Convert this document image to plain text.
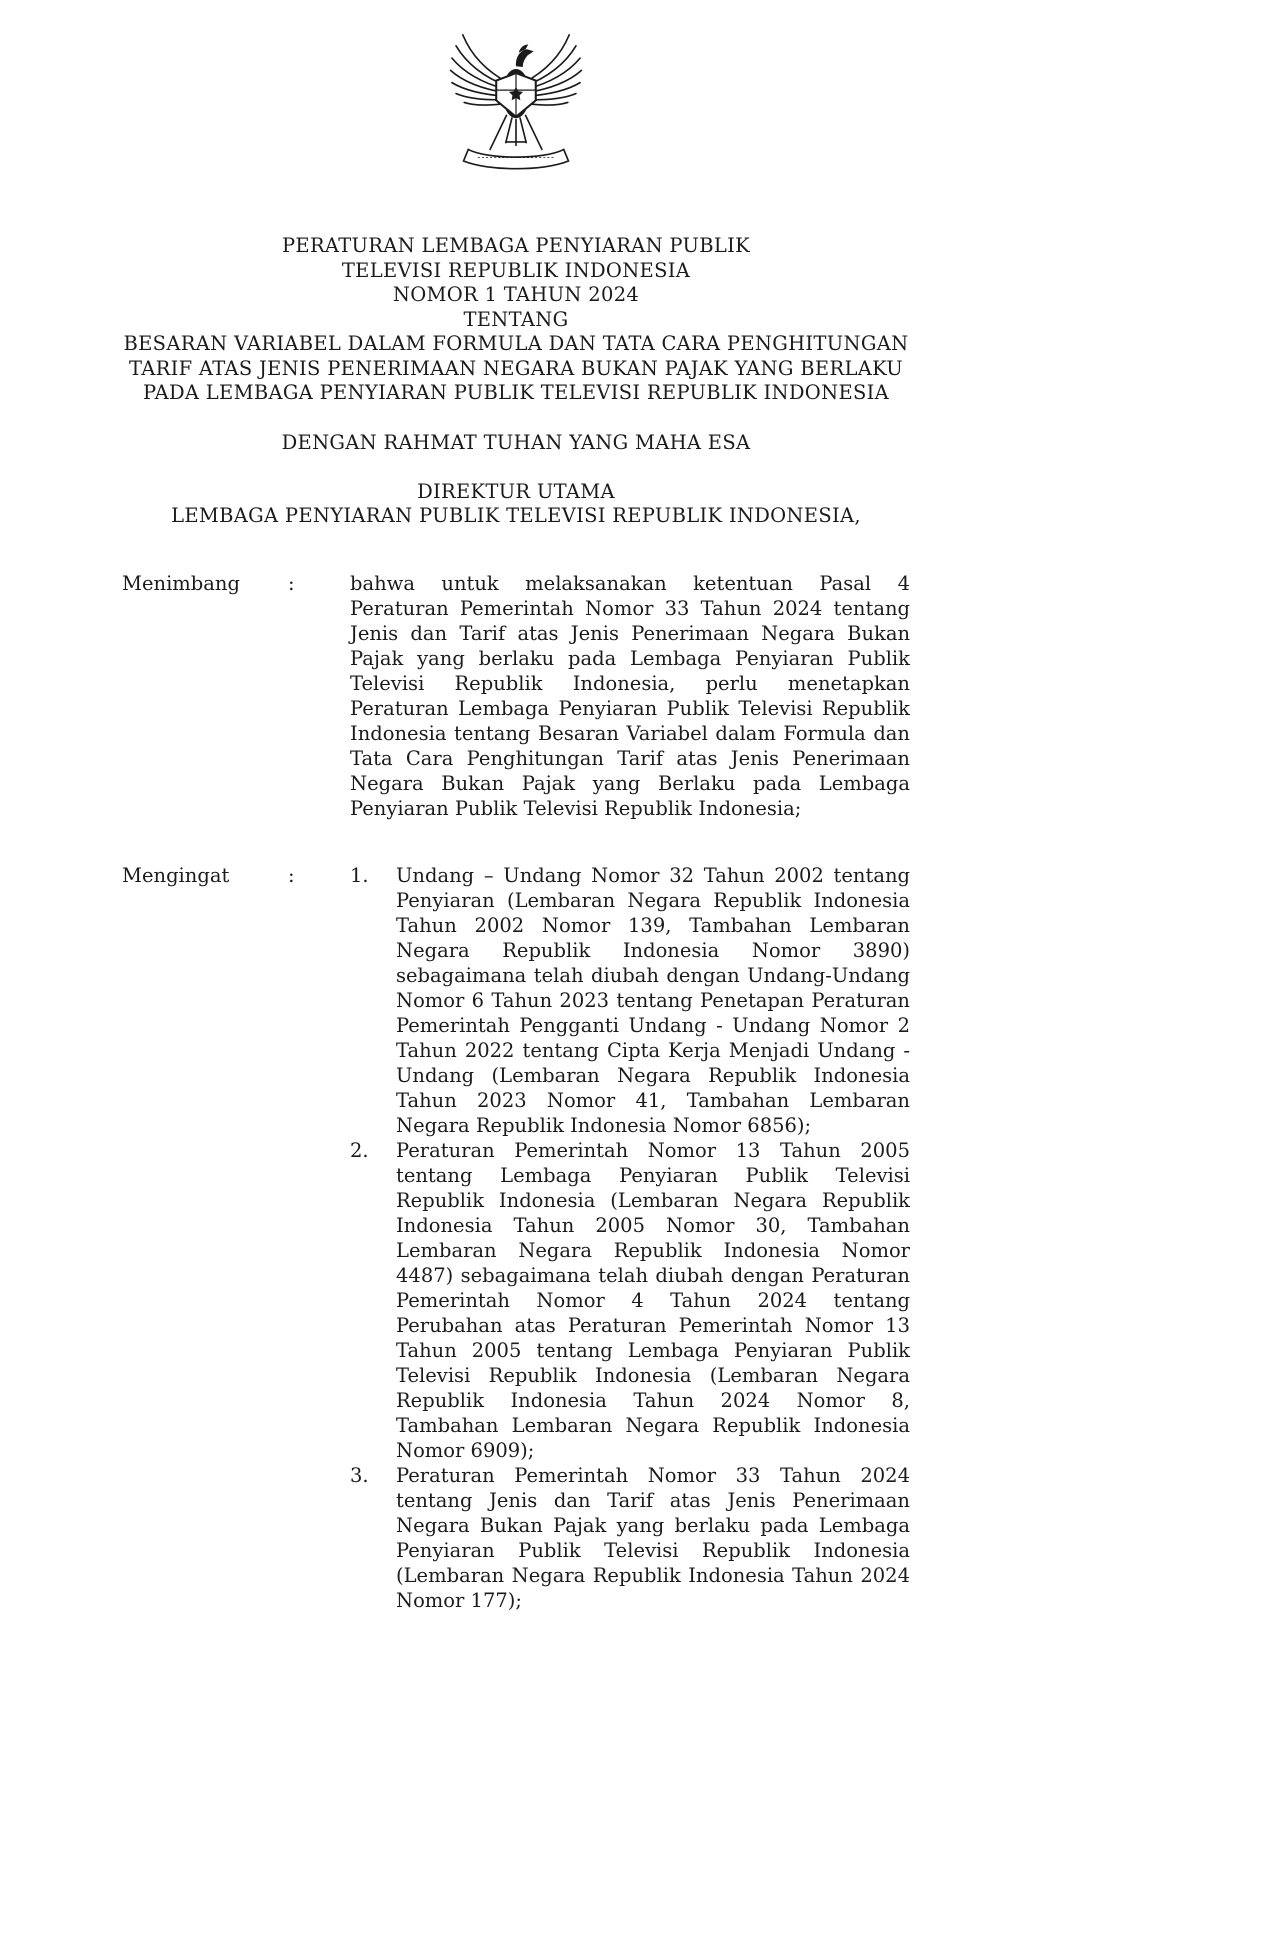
PERATURAN LEMBAGA PENYIARAN PUBLIK
TELEVISI REPUBLIK INDONESIA
NOMOR 1 TAHUN 2024
TENTANG
BESARAN VARIABEL DALAM FORMULA DAN TATA CARA PENGHITUNGAN
TARIF ATAS JENIS PENERIMAAN NEGARA BUKAN PAJAK YANG BERLAKU
PADA LEMBAGA PENYIARAN PUBLIK TELEVISI REPUBLIK INDONESIA
DENGAN RAHMAT TUHAN YANG MAHA ESA
DIREKTUR UTAMA
LEMBAGA PENYIARAN PUBLIK TELEVISI REPUBLIK INDONESIA,
Menimbang	:	bahwa untuk melaksanakan ketentuan Pasal 4 Peraturan Pemerintah Nomor 33 Tahun 2024 tentang Jenis dan Tarif atas Jenis Penerimaan Negara Bukan Pajak yang berlaku pada Lembaga Penyiaran Publik Televisi Republik Indonesia, perlu menetapkan Peraturan Lembaga Penyiaran Publik Televisi Republik Indonesia tentang Besaran Variabel dalam Formula dan Tata Cara Penghitungan Tarif atas Jenis Penerimaan Negara Bukan Pajak yang Berlaku pada Lembaga Penyiaran Publik Televisi Republik Indonesia;
Mengingat	:	1.	Undang – Undang Nomor 32 Tahun 2002 tentang Penyiaran (Lembaran Negara Republik Indonesia Tahun 2002 Nomor 139, Tambahan Lembaran Negara Republik Indonesia Nomor 3890) sebagaimana telah diubah dengan Undang-Undang Nomor 6 Tahun 2023 tentang Penetapan Peraturan Pemerintah Pengganti Undang - Undang Nomor 2 Tahun 2022 tentang Cipta Kerja Menjadi Undang - Undang (Lembaran Negara Republik Indonesia Tahun 2023 Nomor 41, Tambahan Lembaran Negara Republik Indonesia Nomor 6856);
2.	Peraturan Pemerintah Nomor 13 Tahun 2005 tentang Lembaga Penyiaran Publik Televisi Republik Indonesia (Lembaran Negara Republik Indonesia Tahun 2005 Nomor 30, Tambahan Lembaran Negara Republik Indonesia Nomor 4487) sebagaimana telah diubah dengan Peraturan Pemerintah Nomor 4 Tahun 2024 tentang Perubahan atas Peraturan Pemerintah Nomor 13 Tahun 2005 tentang Lembaga Penyiaran Publik Televisi Republik Indonesia (Lembaran Negara Republik Indonesia Tahun 2024 Nomor 8, Tambahan Lembaran Negara Republik Indonesia Nomor 6909);
3.	Peraturan Pemerintah Nomor 33 Tahun 2024 tentang Jenis dan Tarif atas Jenis Penerimaan Negara Bukan Pajak yang berlaku pada Lembaga Penyiaran Publik Televisi Republik Indonesia (Lembaran Negara Republik Indonesia Tahun 2024 Nomor 177);
